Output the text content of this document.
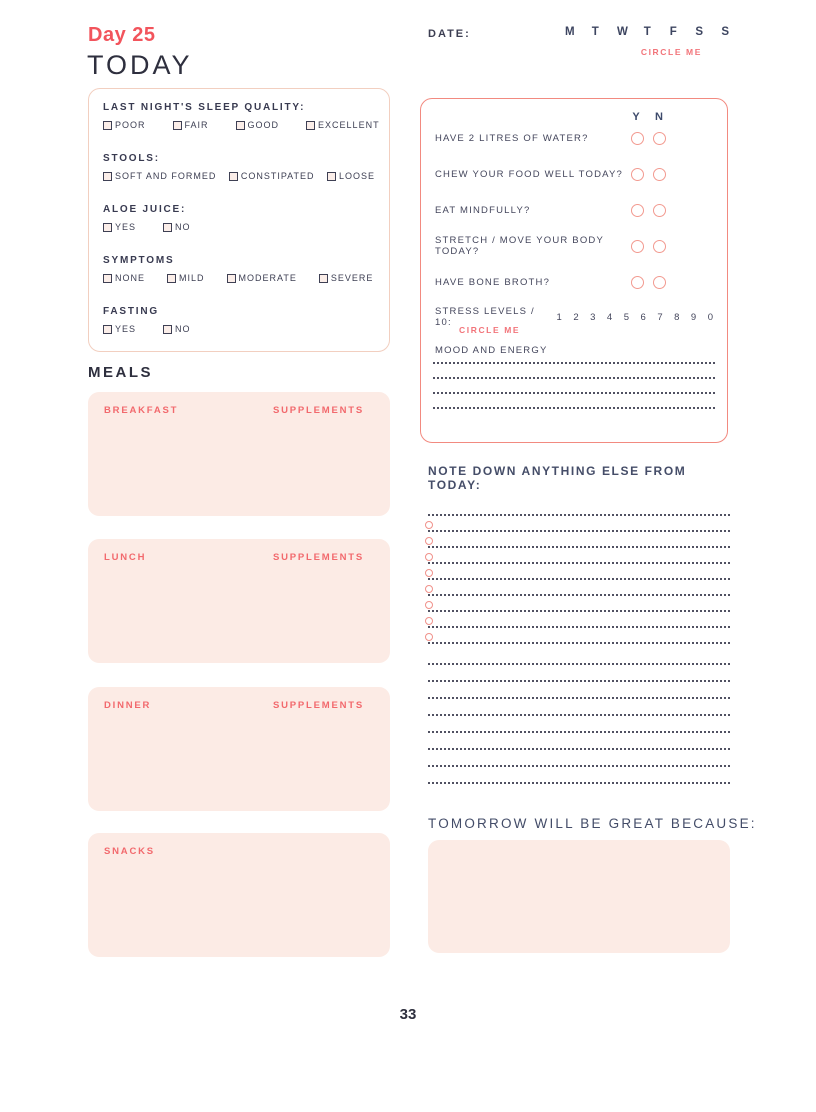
Day 25
TODAY
DATE:	M T W T F S S
CIRCLE ME
LAST NIGHT'S SLEEP QUALITY:
POOR	FAIR	GOOD	EXCELLENT
STOOLS:
SOFT AND FORMED	CONSTIPATED	LOOSE
ALOE JUICE:
YES	NO
SYMPTOMS
NONE	MILD	MODERATE	SEVERE
FASTING
YES	NO
Y	N
HAVE 2 LITRES OF WATER?
CHEW YOUR FOOD WELL TODAY?
EAT MINDFULLY?
STRETCH / MOVE YOUR BODY TODAY?
HAVE BONE BROTH?
STRESS LEVELS / 10:	1 2 3 4 5 6 7 8 9 0
CIRCLE ME
MOOD AND ENERGY
MEALS
BREAKFAST	SUPPLEMENTS
LUNCH	SUPPLEMENTS
DINNER	SUPPLEMENTS
SNACKS
NOTE DOWN ANYTHING ELSE FROM TODAY:
TOMORROW WILL BE GREAT BECAUSE:
33
